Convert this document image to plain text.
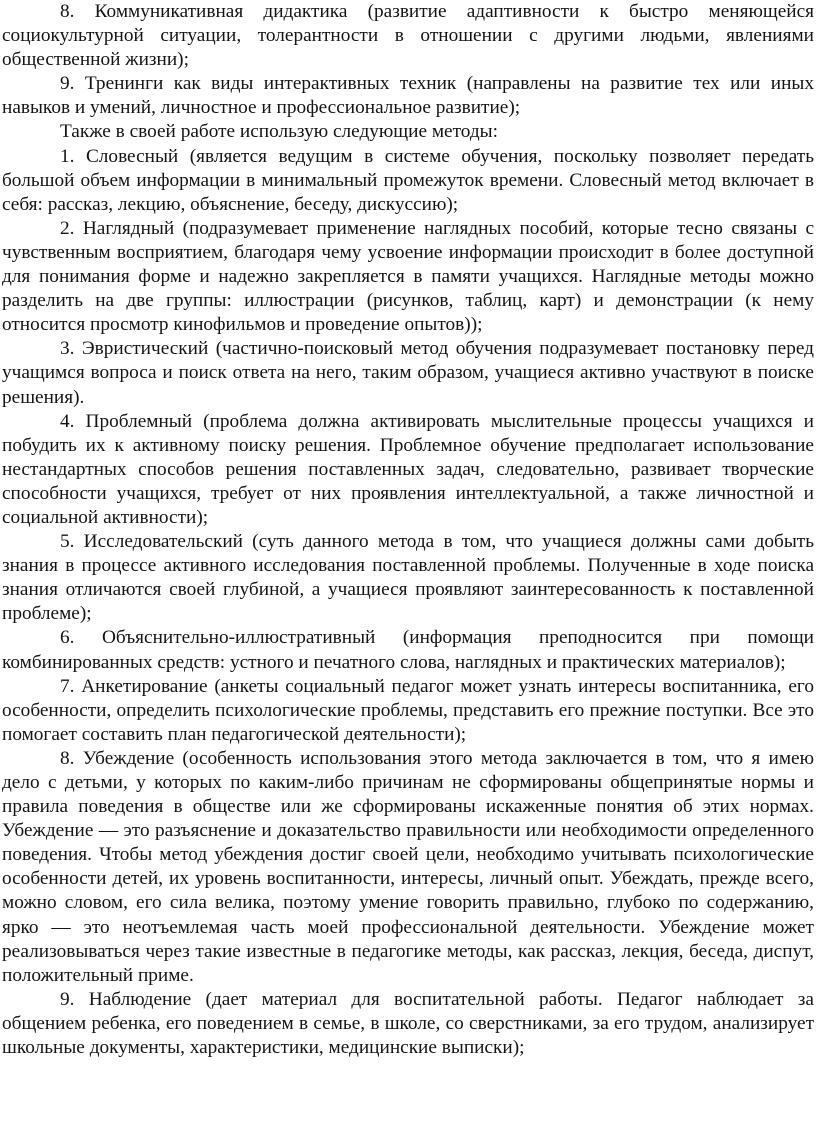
8. Коммуникативная дидактика (развитие адаптивности к быстро меняющейся социокультурной ситуации, толерантности в отношении с другими людьми, явлениями общественной жизни);

9. Тренинги как виды интерактивных техник (направлены на развитие тех или иных навыков и умений, личностное и профессиональное развитие);

Также в своей работе использую следующие методы:

1. Словесный (является ведущим в системе обучения, поскольку позволяет передать большой объем информации в минимальный промежуток времени. Словесный метод включает в себя: рассказ, лекцию, объяснение, беседу, дискуссию);

2. Наглядный (подразумевает применение наглядных пособий, которые тесно связаны с чувственным восприятием, благодаря чему усвоение информации происходит в более доступной для понимания форме и надежно закрепляется в памяти учащихся. Наглядные методы можно разделить на две группы: иллюстрации (рисунков, таблиц, карт) и демонстрации (к нему относится просмотр кинофильмов и проведение опытов));

3. Эвристический (частично-поисковый метод обучения подразумевает постановку перед учащимся вопроса и поиск ответа на него, таким образом, учащиеся активно участвуют в поиске решения).

4. Проблемный (проблема должна активировать мыслительные процессы учащихся и побудить их к активному поиску решения. Проблемное обучение предполагает использование нестандартных способов решения поставленных задач, следовательно, развивает творческие способности учащихся, требует от них проявления интеллектуальной, а также личностной и социальной активности);

5. Исследовательский (суть данного метода в том, что учащиеся должны сами добыть знания в процессе активного исследования поставленной проблемы. Полученные в ходе поиска знания отличаются своей глубиной, а учащиеся проявляют заинтересованность к поставленной проблеме);

6. Объяснительно-иллюстративный (информация преподносится при помощи комбинированных средств: устного и печатного слова, наглядных и практических материалов);

7. Анкетирование (анкеты социальный педагог может узнать интересы воспитанника, его особенности, определить психологические проблемы, представить его прежние поступки. Все это помогает составить план педагогической деятельности);

8. Убеждение (особенность использования этого метода заключается в том, что я имею дело с детьми, у которых по каким-либо причинам не сформированы общепринятые нормы и правила поведения в обществе или же сформированы искаженные понятия об этих нормах. Убеждение — это разъяснение и доказательство правильности или необходимости определенного поведения. Чтобы метод убеждения достиг своей цели, необходимо учитывать психологические особенности детей, их уровень воспитанности, интересы, личный опыт. Убеждать, прежде всего, можно словом, его сила велика, поэтому умение говорить правильно, глубоко по содержанию, ярко — это неотъемлемая часть моей профессиональной деятельности. Убеждение может реализовываться через такие известные в педагогике методы, как рассказ, лекция, беседа, диспут, положительный приме.

9. Наблюдение (дает материал для воспитательной работы. Педагог наблюдает за общением ребенка, его поведением в семье, в школе, со сверстниками, за его трудом, анализирует школьные документы, характеристики, медицинские выписки);
